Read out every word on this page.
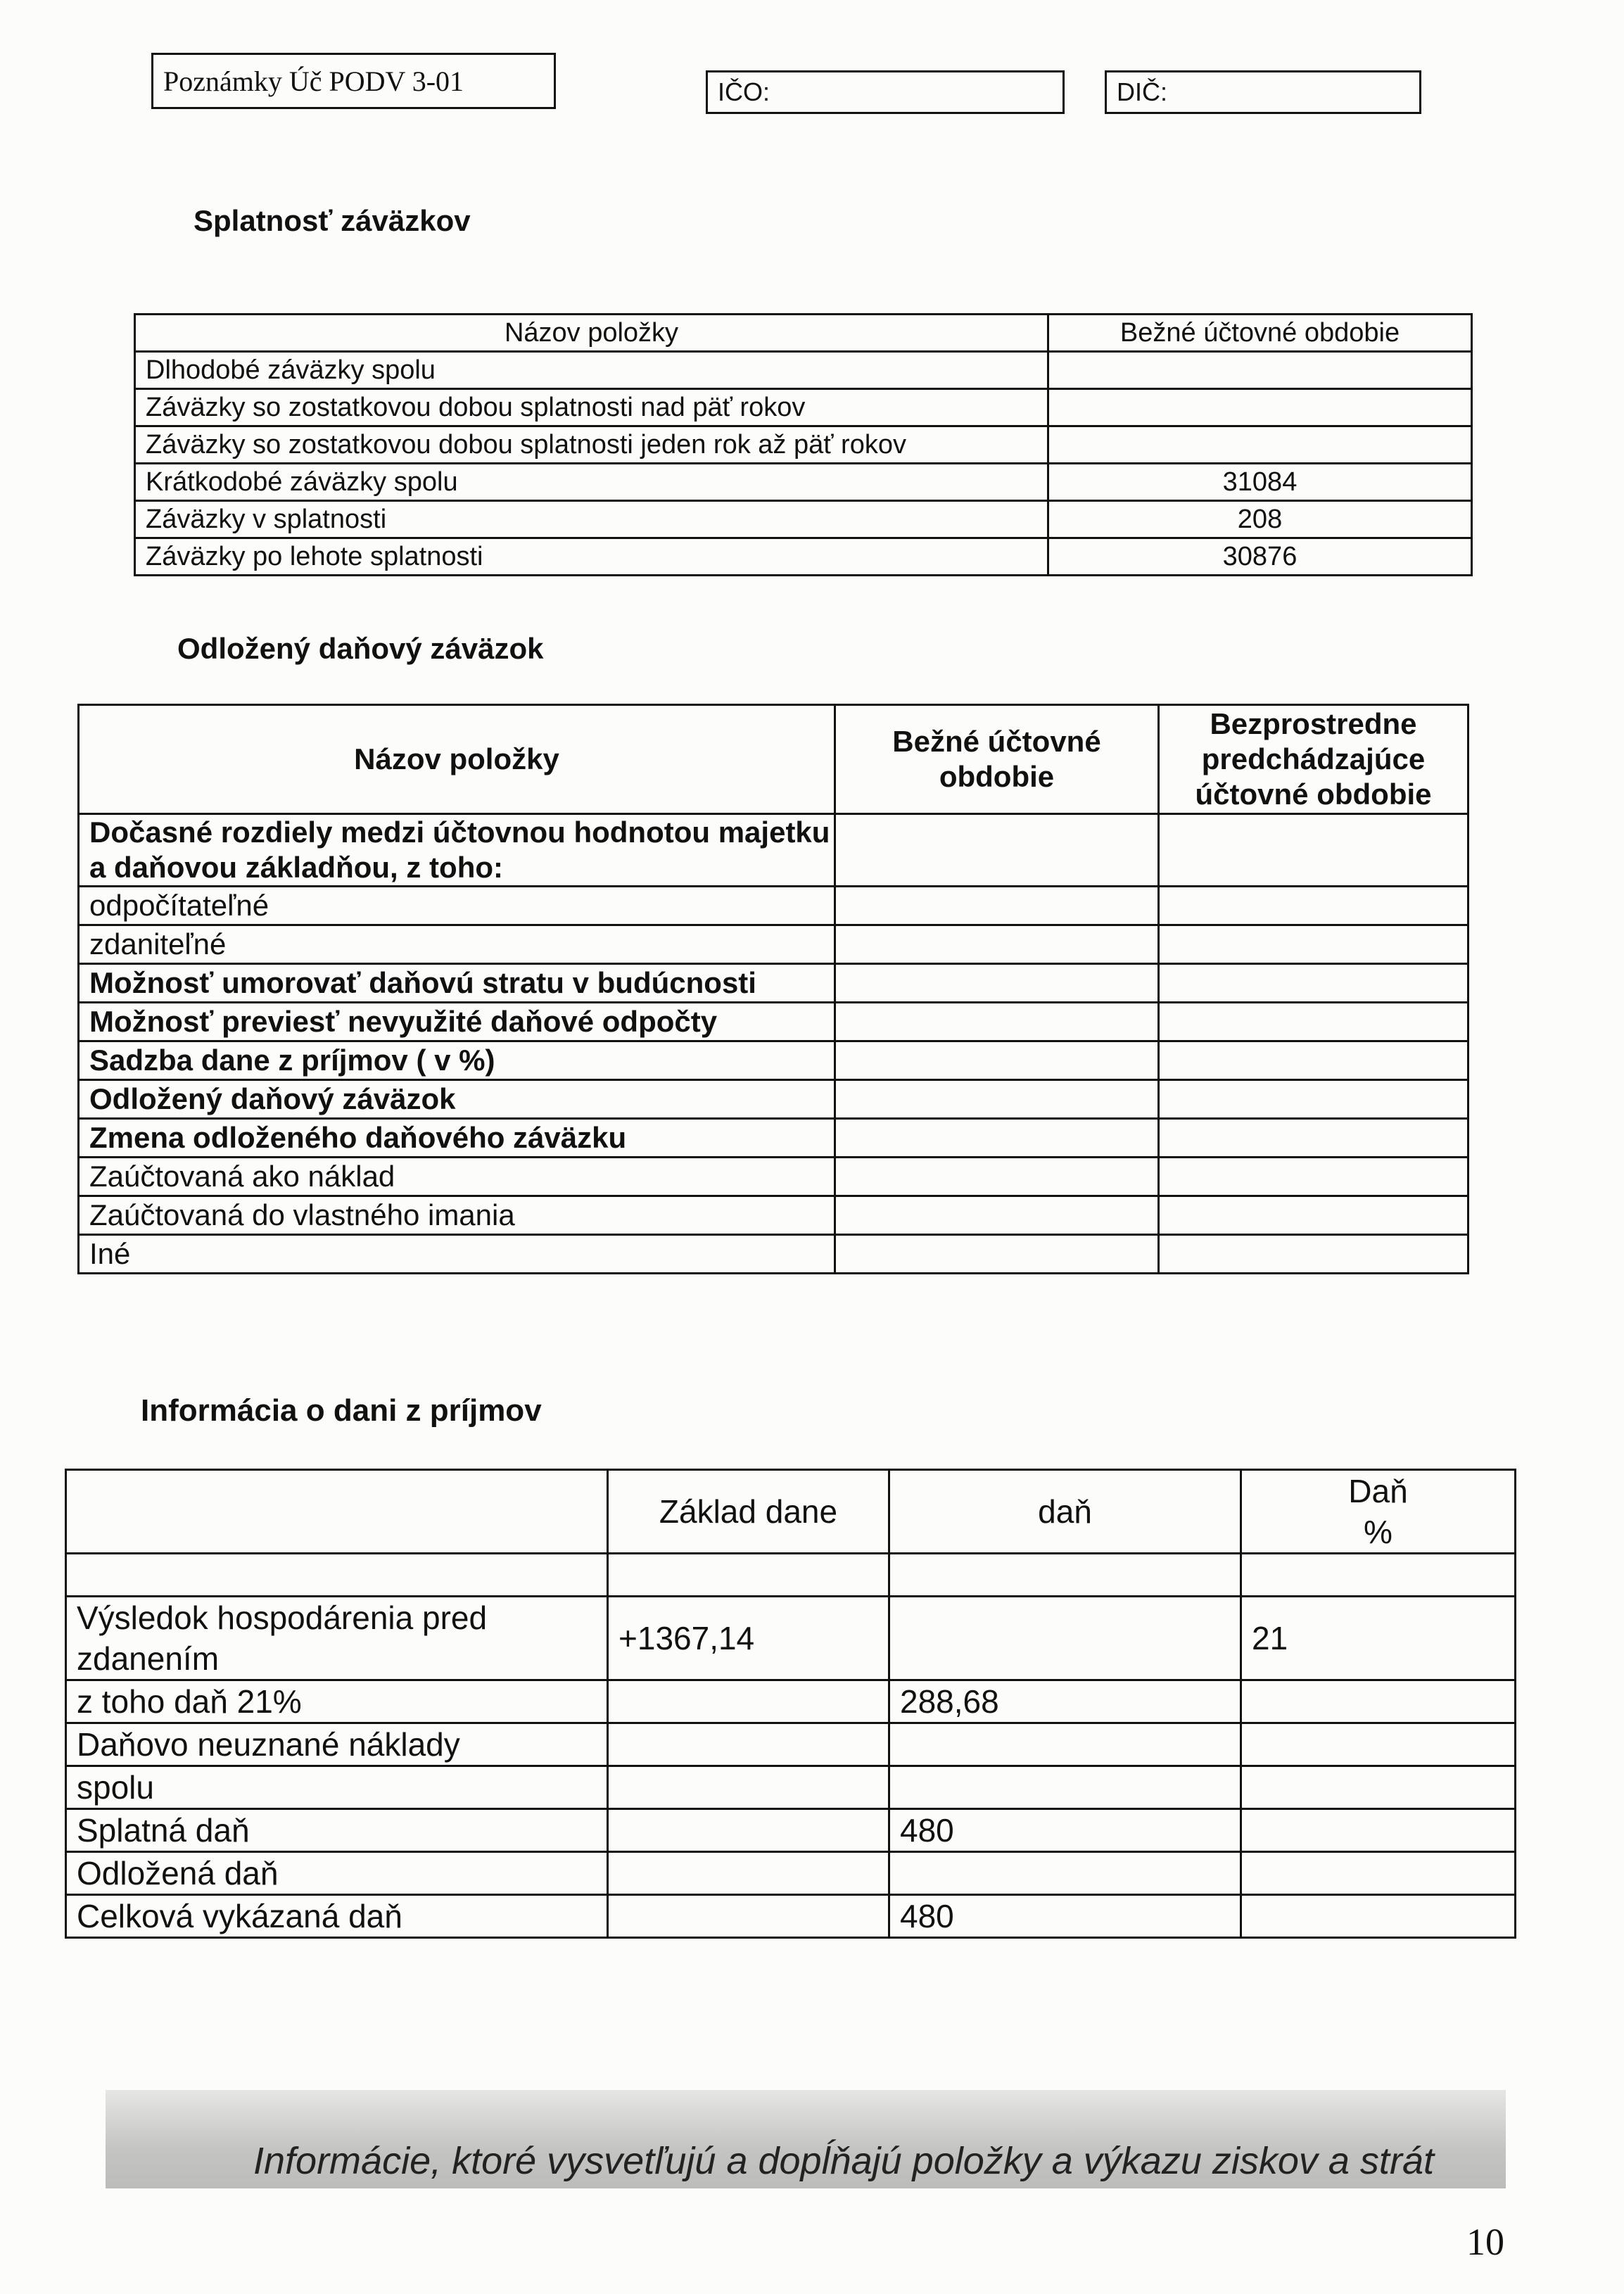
Poznámky Úč PODV 3-01	IČO:	DIČ:
Splatnosť záväzkov
Názov položky	Bežné účtovné obdobie
Dlhodobé záväzky spolu	
Záväzky so zostatkovou dobou splatnosti nad päť rokov	
Záväzky so zostatkovou dobou splatnosti jeden rok až päť rokov	
Krátkodobé záväzky spolu	31084
Záväzky v splatnosti	208
Záväzky po lehote splatnosti	30876
Odložený daňový záväzok
Názov položky	Bežné účtovné obdobie	Bezprostredne predchádzajúce účtovné obdobie
Dočasné rozdiely medzi účtovnou hodnotou majetku a daňovou základňou, z toho:		
odpočítateľné		
zdaniteľné		
Možnosť umorovať daňovú stratu v budúcnosti		
Možnosť previesť nevyužité daňové odpočty		
Sadzba dane z príjmov ( v %)		
Odložený daňový záväzok		
Zmena odloženého daňového záväzku		
Zaúčtovaná ako náklad		
Zaúčtovaná do vlastného imania		
Iné		
Informácia o dani z príjmov
	Základ dane	daň	Daň %

Výsledok hospodárenia pred zdanením	+1367,14		21
z toho daň 21%		288,68	
Daňovo neuznané náklady			
spolu			
Splatná daň		480	
Odložená daň			
Celková vykázaná daň		480	
Informácie, ktoré vysvetľujú a dopĺňajú položky a výkazu ziskov a strát
10
